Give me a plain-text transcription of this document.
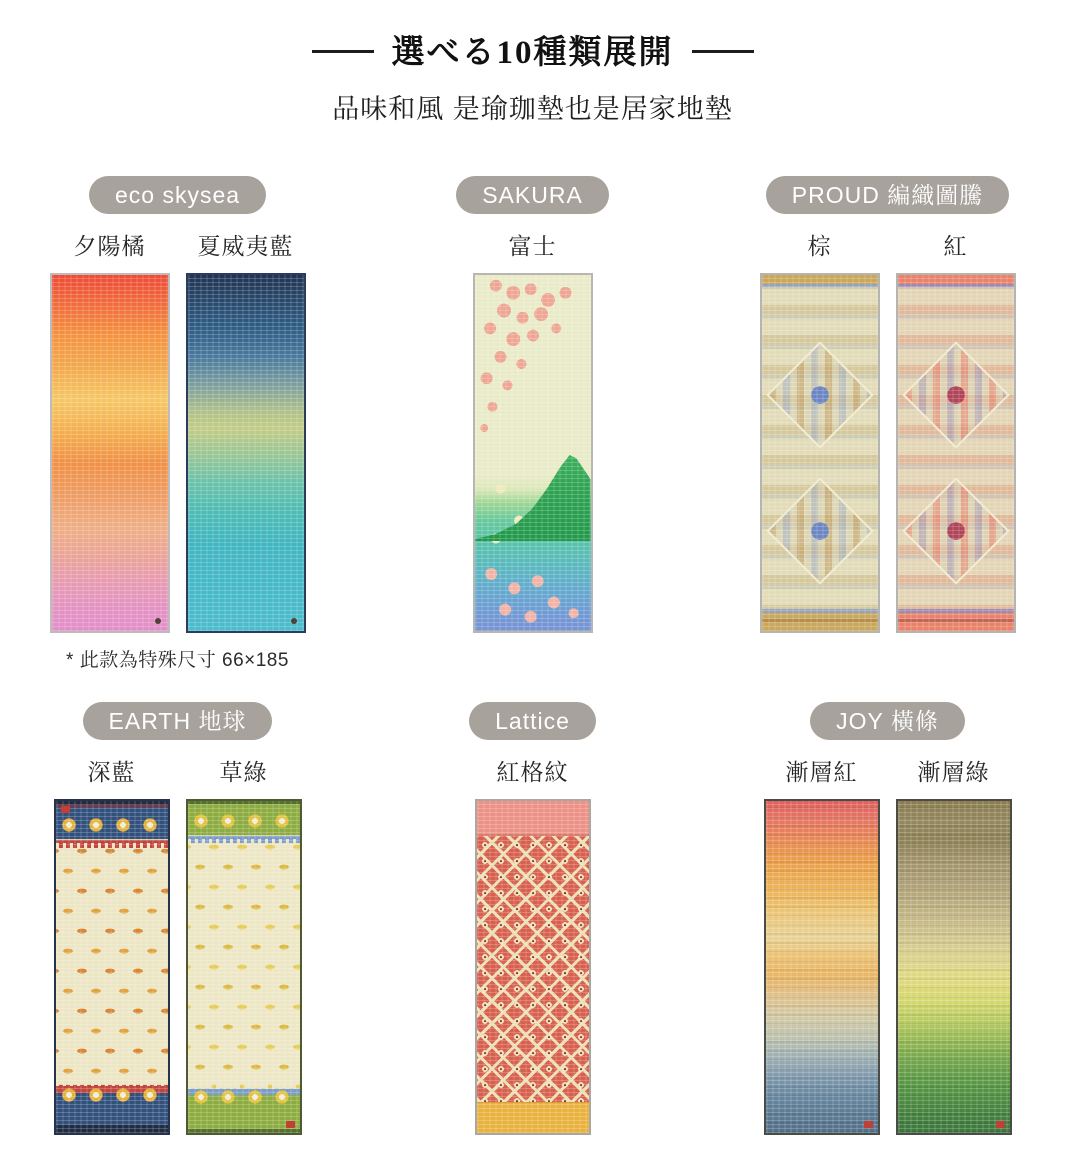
選べる10種類展開
品味和風 是瑜珈墊也是居家地墊
eco skysea
夕陽橘 夏威夷藍
* 此款為特殊尺寸 66×185
SAKURA
富士
PROUD 編織圖騰
棕	紅
EARTH 地球
深藍	草綠
Lattice
紅格紋
JOY 橫條
漸層紅	漸層綠
